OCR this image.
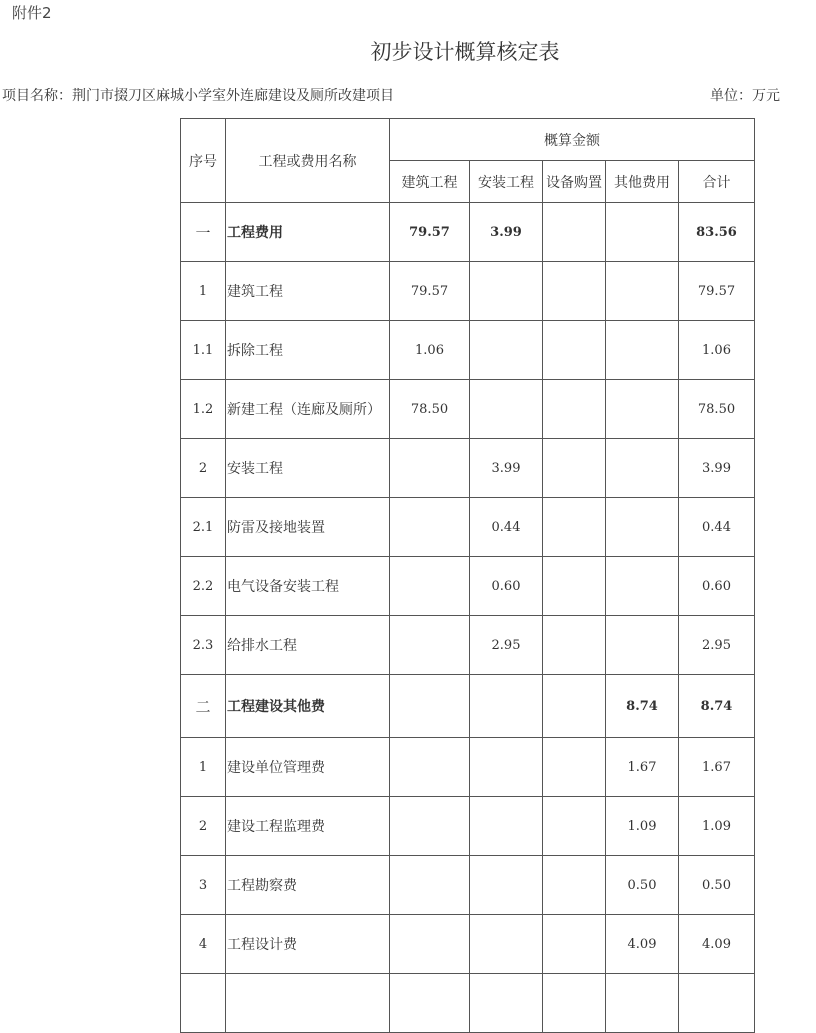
附件2
初步设计概算核定表
项目名称：荆门市掇刀区麻城小学室外连廊建设及厕所改建项目	单位：万元
序号	工程或费用名称	概算金额				
		建筑工程	安装工程	设备购置	其他费用	合计
一	工程费用	79.57	3.99			83.56
1	建筑工程	79.57				79.57
1.1	拆除工程	1.06				1.06
1.2	新建工程（连廊及厕所）	78.50				78.50
2	安装工程		3.99			3.99
2.1	防雷及接地装置		0.44			0.44
2.2	电气设备安装工程		0.60			0.60
2.3	给排水工程		2.95			2.95
二	工程建设其他费				8.74	8.74
1	建设单位管理费				1.67	1.67
2	建设工程监理费				1.09	1.09
3	工程勘察费				0.50	0.50
4	工程设计费				4.09	4.09
